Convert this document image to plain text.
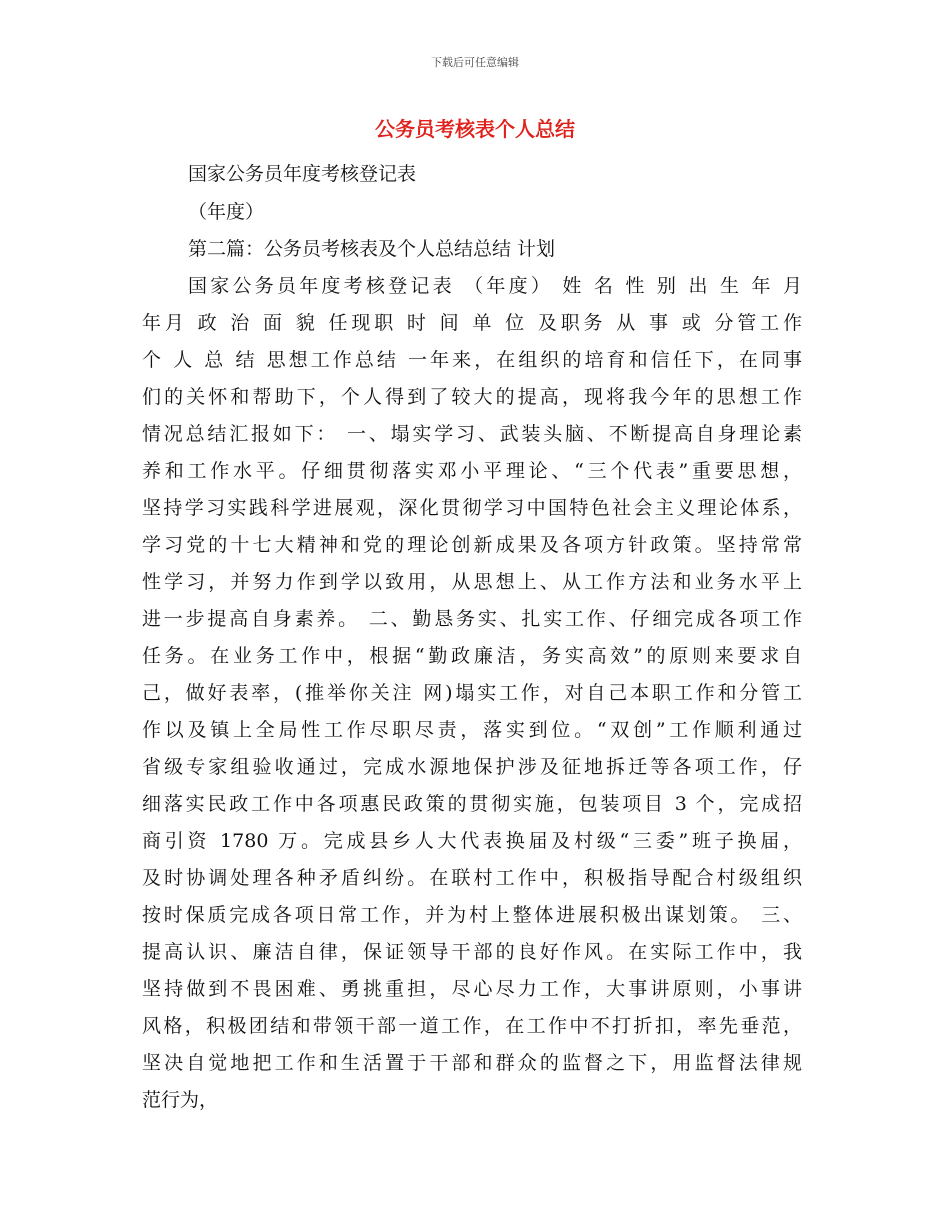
下载后可任意编辑
公务员考核表个人总结
国家公务员年度考核登记表
（年度）
第二篇：公务员考核表及个人总结总结 计划
国家公务员年度考核登记表 （年度） 姓 名 性 别 出 生 年 月
年月 政 治 面 貌 任现职 时 间 单 位 及职务 从 事 或 分管工作
个 人 总 结 思想工作总结 一年来，在组织的培育和信任下，在同事
们的关怀和帮助下，个人得到了较大的提高，现将我今年的思想工作
情况总结汇报如下： 一、塌实学习、武装头脑、不断提高自身理论素
养和工作水平。仔细贯彻落实邓小平理论、“三个代表”重要思想，
坚持学习实践科学进展观，深化贯彻学习中国特色社会主义理论体系，
学习党的十七大精神和党的理论创新成果及各项方针政策。坚持常常
性学习，并努力作到学以致用，从思想上、从工作方法和业务水平上
进一步提高自身素养。 二、勤恳务实、扎实工作、仔细完成各项工作
任务。在业务工作中，根据“勤政廉洁，务实高效”的原则来要求自
己，做好表率，(推举你关注 网)塌实工作，对自己本职工作和分管工
作以及镇上全局性工作尽职尽责，落实到位。“双创”工作顺利通过
省级专家组验收通过，完成水源地保护涉及征地拆迁等各项工作，仔
细落实民政工作中各项惠民政策的贯彻实施，包装项目 3 个，完成招
商引资 1780 万。完成县乡人大代表换届及村级“三委”班子换届，
及时协调处理各种矛盾纠纷。在联村工作中，积极指导配合村级组织
按时保质完成各项日常工作，并为村上整体进展积极出谋划策。 三、
提高认识、廉洁自律，保证领导干部的良好作风。在实际工作中，我
坚持做到不畏困难、勇挑重担，尽心尽力工作，大事讲原则，小事讲
风格，积极团结和带领干部一道工作，在工作中不打折扣，率先垂范，
坚决自觉地把工作和生活置于干部和群众的监督之下，用监督法律规
范行为，
